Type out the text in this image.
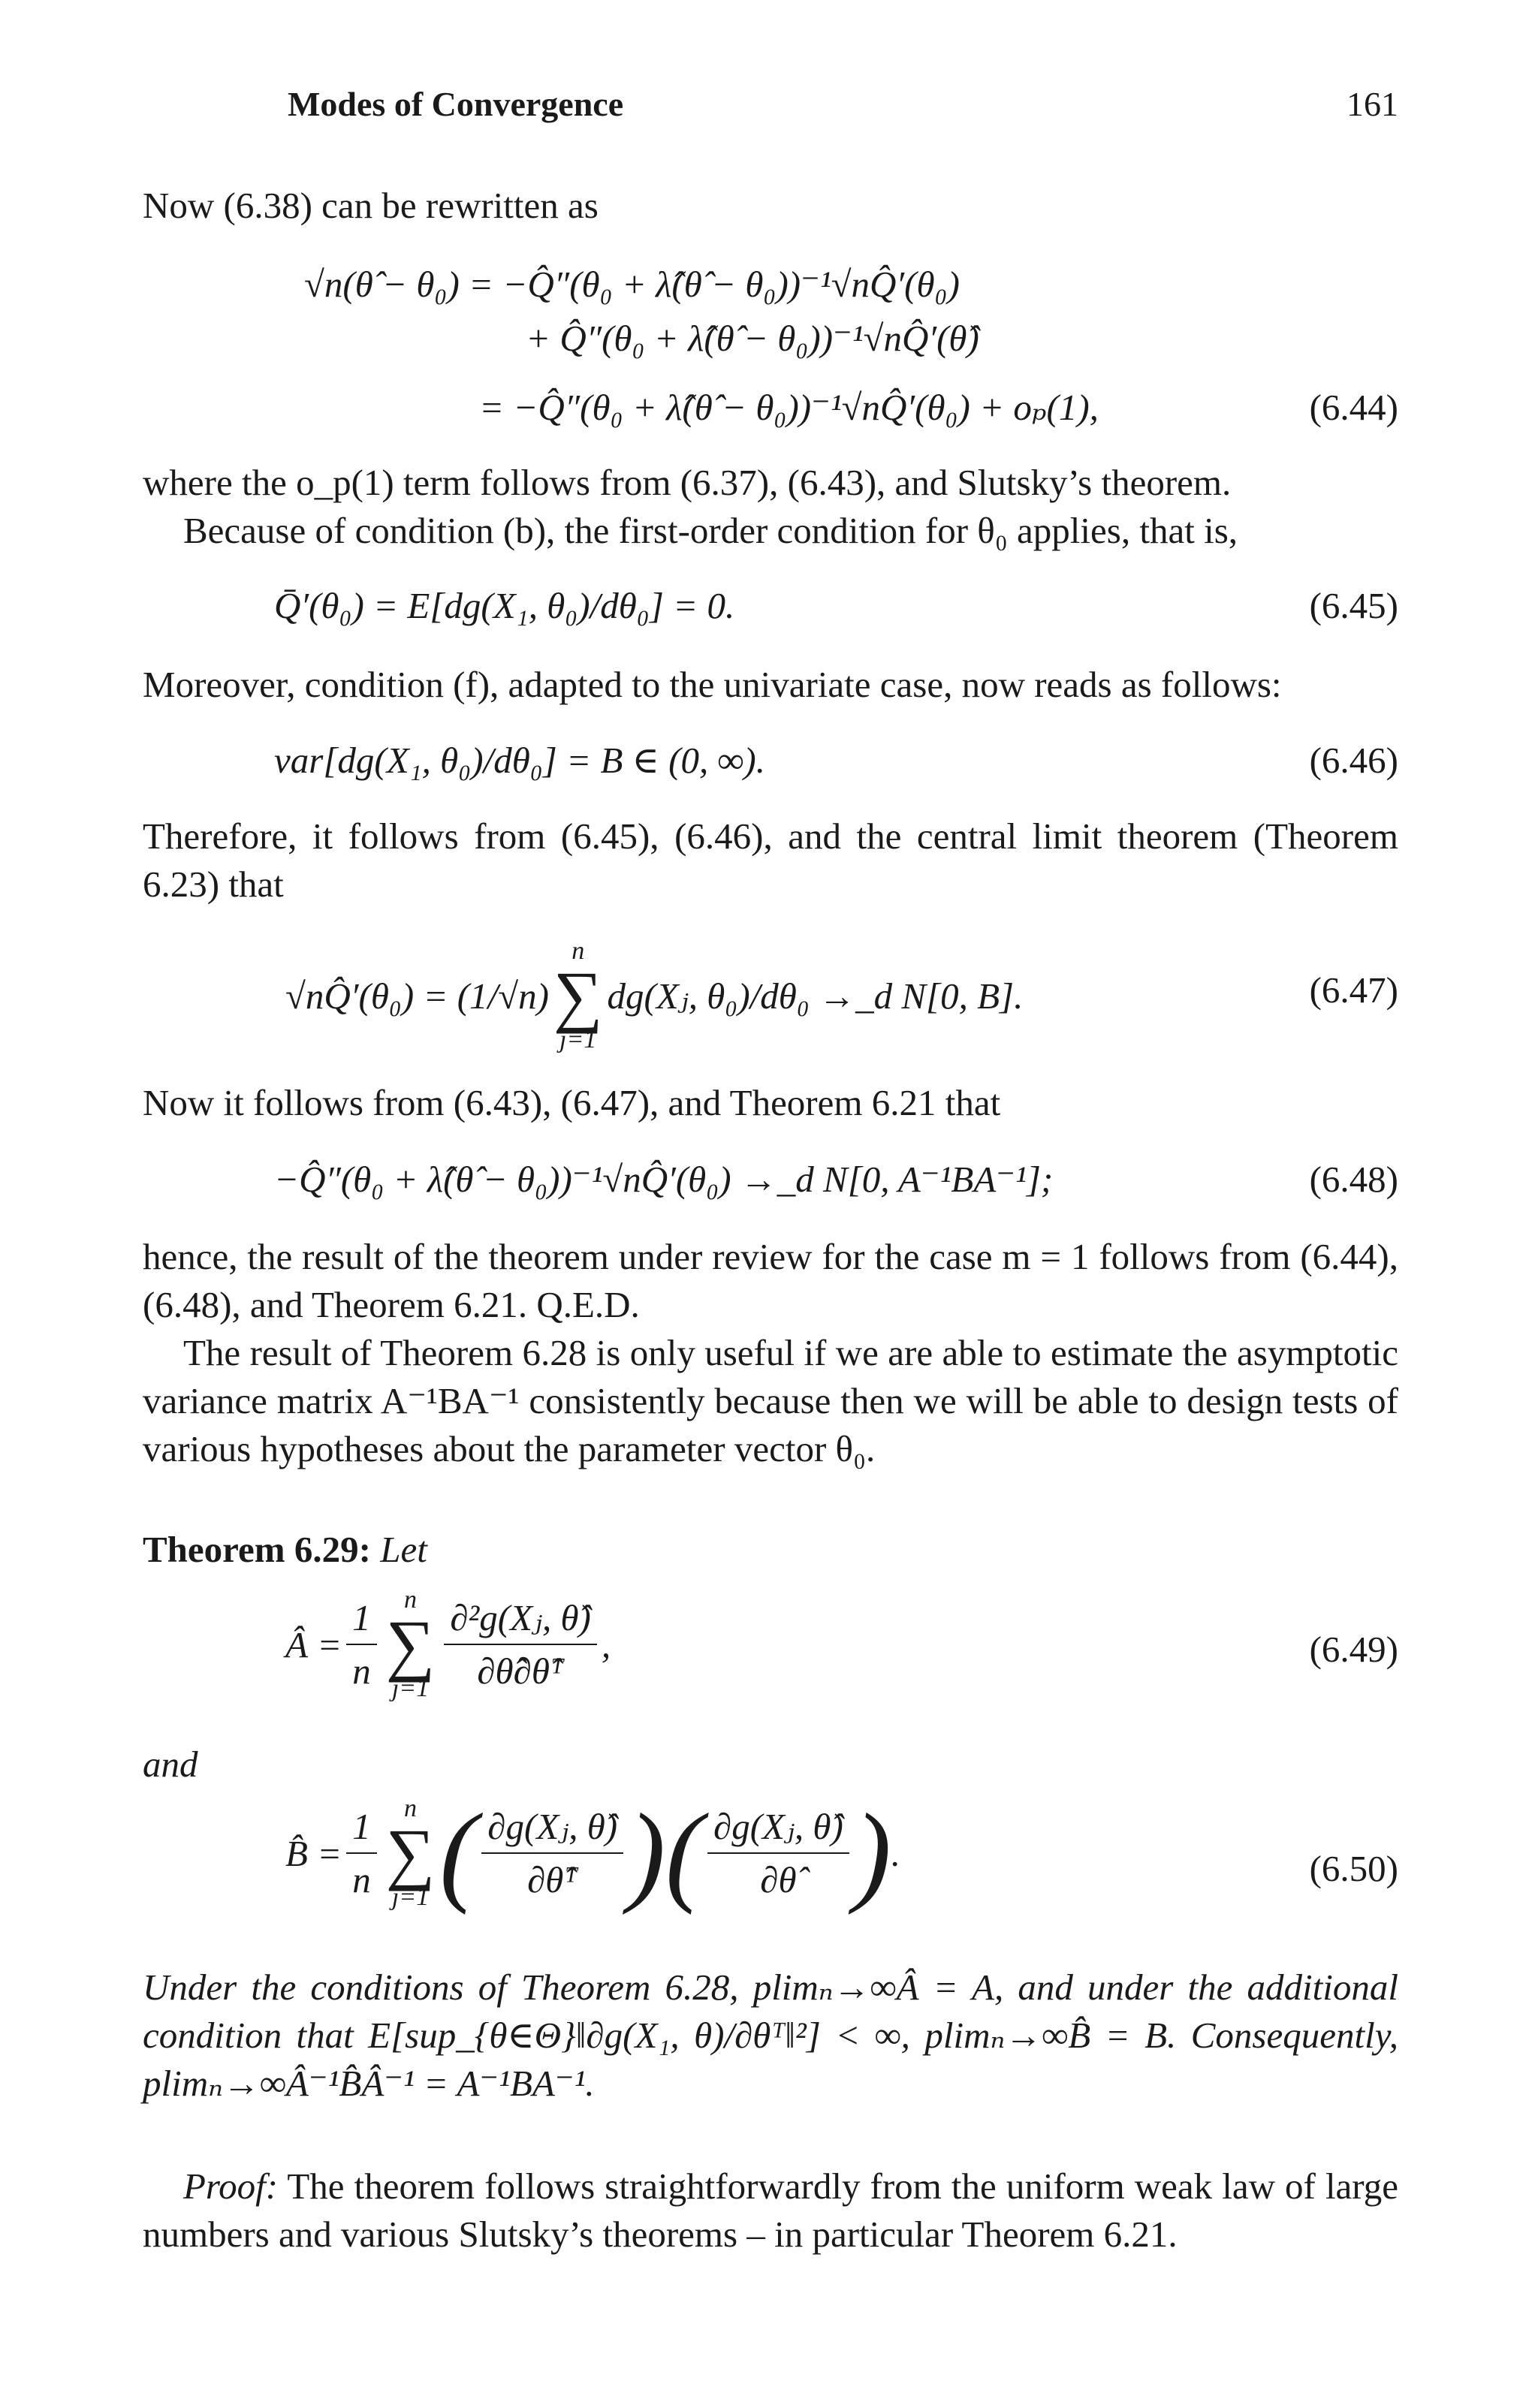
Modes of Convergence	161
Now (6.38) can be rewritten as
√n(θ̂ − θ₀) = −Q̂″(θ₀ + λ̂(θ̂ − θ₀))⁻¹√nQ̂′(θ₀)
+ Q̂″(θ₀ + λ̂(θ̂ − θ₀))⁻¹√nQ̂′(θ̂)
= −Q̂″(θ₀ + λ̂(θ̂ − θ₀))⁻¹√nQ̂′(θ₀) + oₚ(1),	(6.44)
where the o_p(1) term follows from (6.37), (6.43), and Slutsky’s theorem.
Because of condition (b), the first-order condition for θ₀ applies, that is,
Q̄′(θ₀) = E[dg(X₁, θ₀)/dθ₀] = 0.	(6.45)
Moreover, condition (f), adapted to the univariate case, now reads as follows:
var[dg(X₁, θ₀)/dθ₀] = B ∈ (0, ∞).	(6.46)
Therefore, it follows from (6.45), (6.46), and the central limit theorem (Theorem 6.23) that
√nQ̂′(θ₀) = (1/√n)
n
∑
j=1
dg(Xⱼ, θ₀)/dθ₀ →_d N[0, B].	(6.47)
Now it follows from (6.43), (6.47), and Theorem 6.21 that
−Q̂″(θ₀ + λ̂(θ̂ − θ₀))⁻¹√nQ̂′(θ₀) →_d N[0, A⁻¹BA⁻¹];	(6.48)
hence, the result of the theorem under review for the case m = 1 follows from (6.44), (6.48), and Theorem 6.21. Q.E.D.
The result of Theorem 6.28 is only useful if we are able to estimate the asymptotic variance matrix A⁻¹BA⁻¹ consistently because then we will be able to design tests of various hypotheses about the parameter vector θ₀.
Theorem 6.29: Let
Â = $\frac{1}{n}$ n
∑
$j=1 \frac{\text{∂²g(Xⱼ, θ̂)}}{\text{∂θ̂∂θ̂ᵀ}}$ ,	(6.49)
and
B̂ = $\frac{1}{n}$ n
∑
j=1 ( $\frac{\text{∂g(Xⱼ, θ̂)}}{\text{∂θ̂ᵀ}}$ ) ( $\frac{\text{∂g(Xⱼ, θ̂)}}{\partial\thetâ}$ ) .	(6.50)
Under the conditions of Theorem 6.28, plimₙ→∞Â = A, and under the additional condition that E[sup_{θ∈Θ}‖∂g(X₁, θ)/∂θᵀ‖²] < ∞, plimₙ→∞B̂ = B. Consequently, plimₙ→∞Â⁻¹B̂Â⁻¹ = A⁻¹BA⁻¹.
Proof: The theorem follows straightforwardly from the uniform weak law of large numbers and various Slutsky’s theorems – in particular Theorem 6.21.
